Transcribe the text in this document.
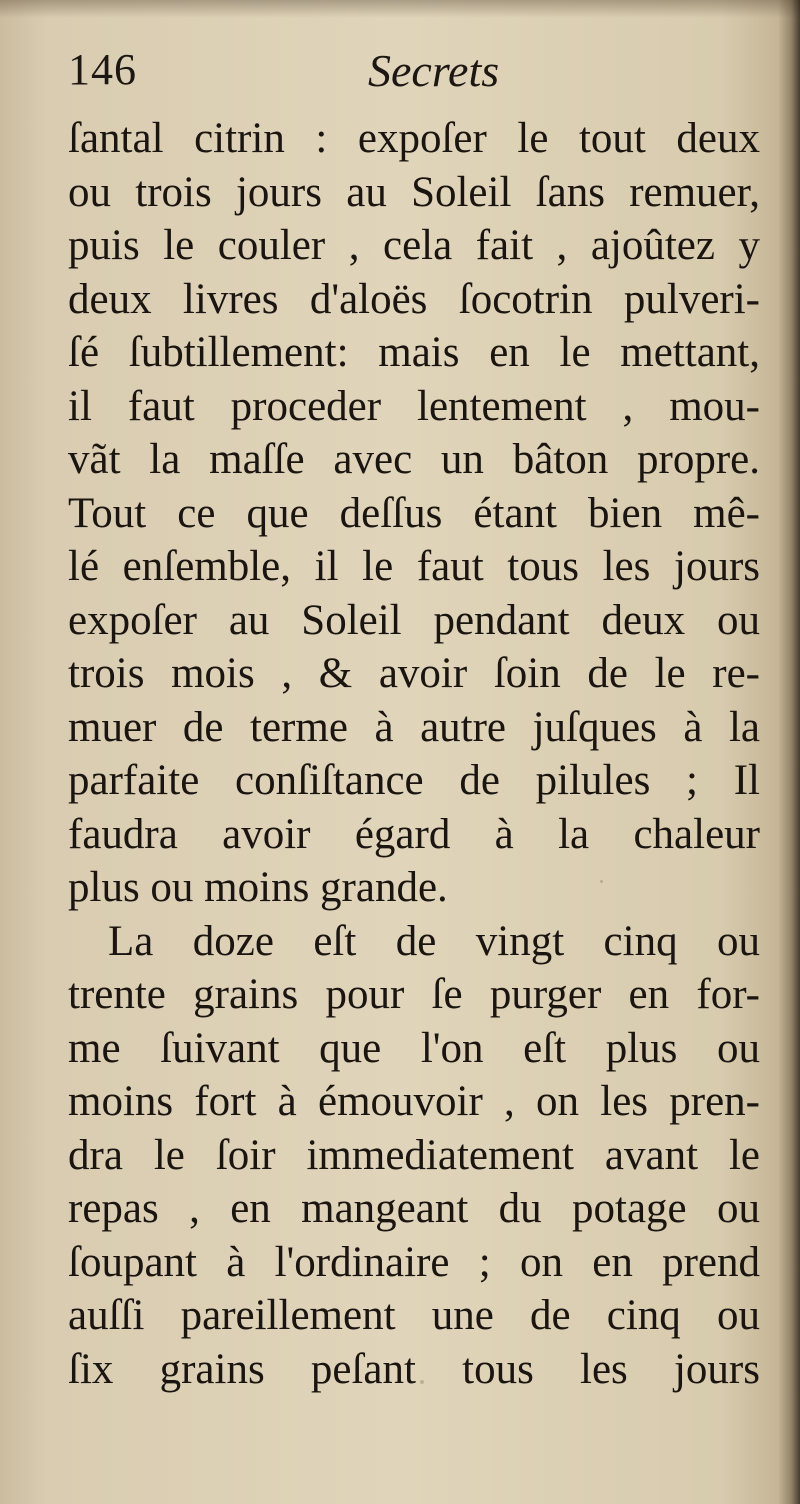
146	Secrets
ſantal citrin : expoſer le tout deux
ou trois jours au Soleil ſans remuer,
puis le couler , cela fait , ajoûtez y
deux livres d'aloës ſocotrin pulveri-
ſé ſubtillement: mais en le mettant,
il faut proceder lentement , mou-
vãt la maſſe avec un bâton propre.
Tout ce que deſſus étant bien mê-
lé enſemble, il le faut tous les jours
expoſer au Soleil pendant deux ou
trois mois , & avoir ſoin de le re-
muer de terme à autre juſques à la
parfaite conſiſtance de pilules ; Il
faudra avoir égard à la chaleur
plus ou moins grande.
La doze eſt de vingt cinq ou
trente grains pour ſe purger en for-
me ſuivant que l'on eſt plus ou
moins fort à émouvoir , on les pren-
dra le ſoir immediatement avant le
repas , en mangeant du potage ou
ſoupant à l'ordinaire ; on en prend
auſſi pareillement une de cinq ou
ſix grains peſant tous les jours
